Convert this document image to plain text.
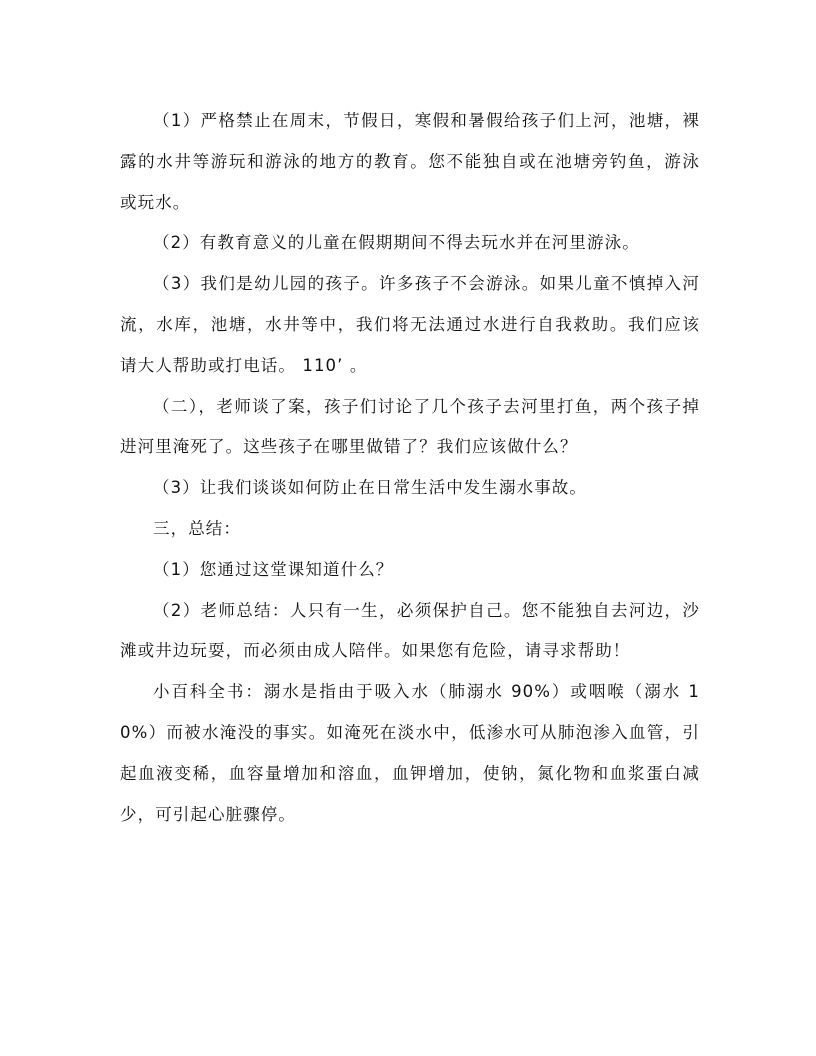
（1）严格禁止在周末，节假日，寒假和暑假给孩子们上河，池塘，裸露的水井等游玩和游泳的地方的教育。您不能独自或在池塘旁钓鱼，游泳或玩水。

（2）有教育意义的儿童在假期期间不得去玩水并在河里游泳。

（3）我们是幼儿园的孩子。许多孩子不会游泳。如果儿童不慎掉入河流，水库，池塘，水井等中，我们将无法通过水进行自我救助。我们应该请大人帮助或打电话。 110’ 。

（二），老师谈了案，孩子们讨论了几个孩子去河里打鱼，两个孩子掉进河里淹死了。这些孩子在哪里做错了？我们应该做什么？

（3）让我们谈谈如何防止在日常生活中发生溺水事故。

三，总结：

（1）您通过这堂课知道什么？

（2）老师总结：人只有一生，必须保护自己。您不能独自去河边，沙滩或井边玩耍，而必须由成人陪伴。如果您有危险，请寻求帮助！

小百科全书：溺水是指由于吸入水（肺溺水 90%）或咽喉（溺水 10%）而被水淹没的事实。如淹死在淡水中，低渗水可从肺泡渗入血管，引起血液变稀，血容量增加和溶血，血钾增加，使钠，氮化物和血浆蛋白减少，可引起心脏骤停。
